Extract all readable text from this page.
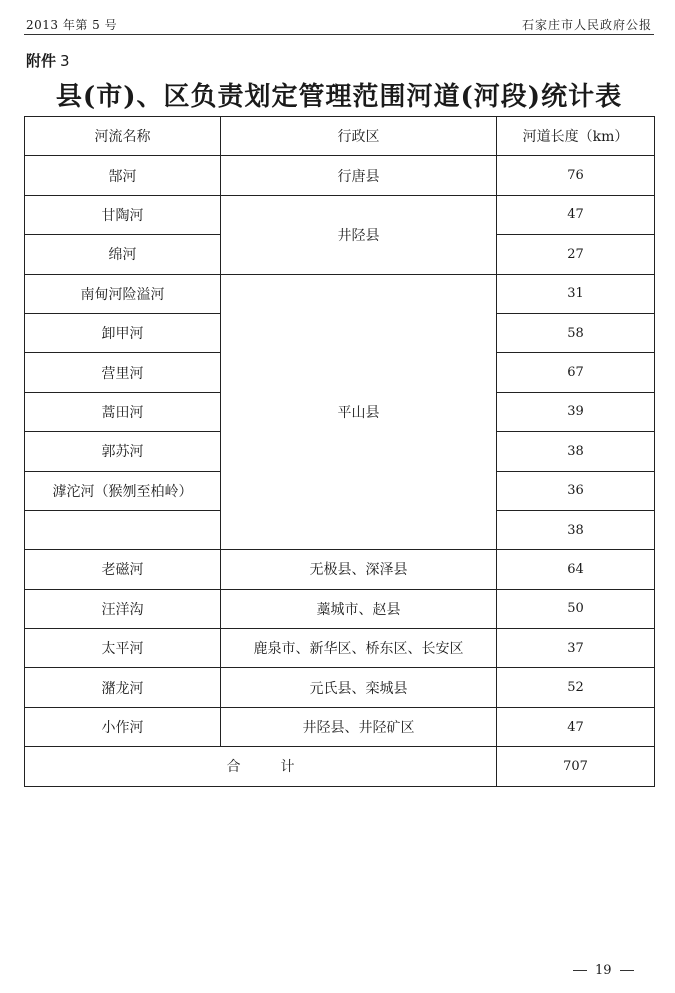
2013 年第 5 号	石家庄市人民政府公报
附件 3
县(市)、区负责划定管理范围河道(河段)统计表
河流名称	行政区	河道长度（km）
郜河	行唐县	76
甘陶河	井陉县	47
绵河		27
南甸河险溢河	平山县	31
卸甲河		58
营里河		67
蒿田河		39
郭苏河		38
滹沱河（猴刎至柏岭）		36
		38
老磁河	无极县、深泽县	64
汪洋沟	藁城市、赵县	50
太平河	鹿泉市、新华区、桥东区、长安区	37
潴龙河	元氏县、栾城县	52
小作河	井陉县、井陉矿区	47
合 计		707
19
